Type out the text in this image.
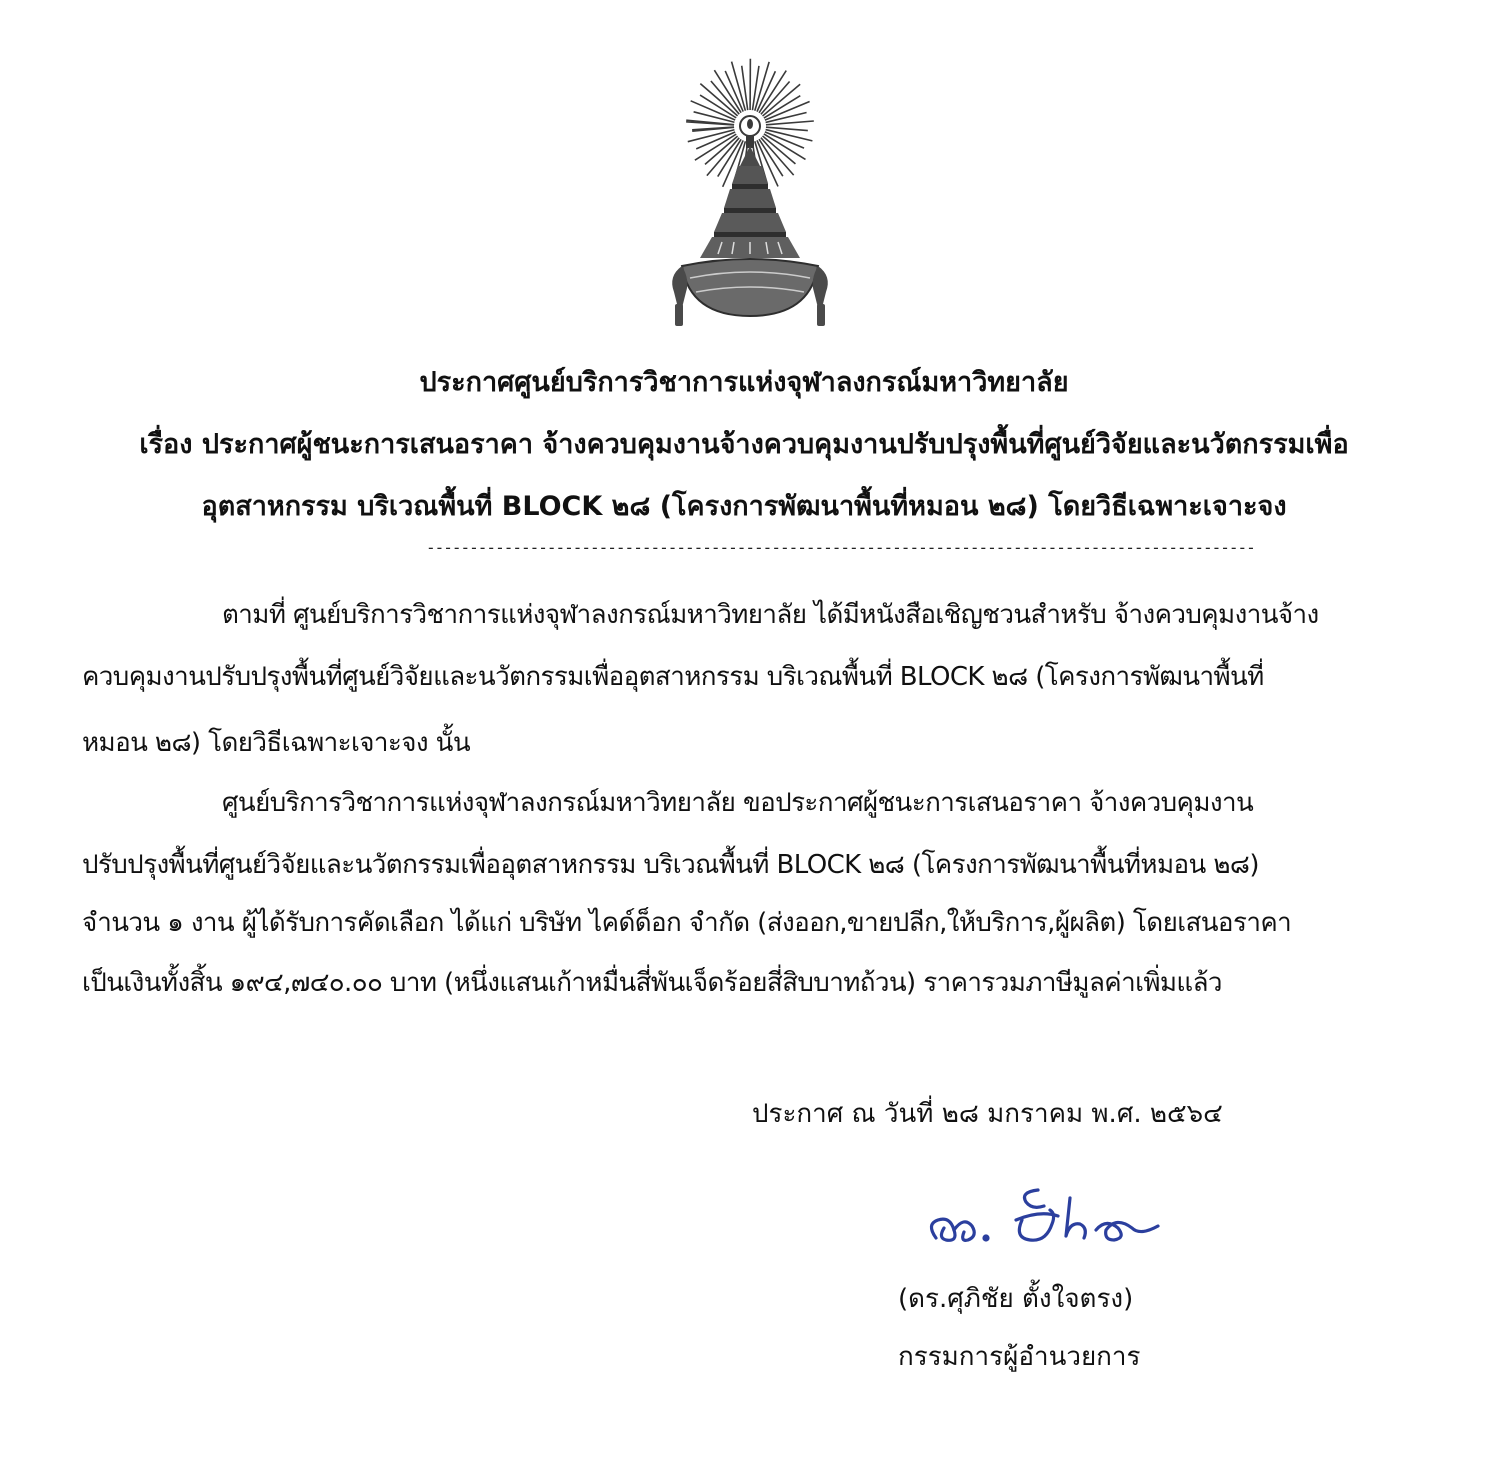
ประกาศศูนย์บริการวิชาการแห่งจุฬาลงกรณ์มหาวิทยาลัย
เรื่อง ประกาศผู้ชนะการเสนอราคา จ้างควบคุมงานจ้างควบคุมงานปรับปรุงพื้นที่ศูนย์วิจัยและนวัตกรรมเพื่อ
อุตสาหกรรม บริเวณพื้นที่ BLOCK ๒๘ (โครงการพัฒนาพื้นที่หมอน ๒๘) โดยวิธีเฉพาะเจาะจง
------------------------------------------------------------------------------------------------
ตามที่ ศูนย์บริการวิชาการแห่งจุฬาลงกรณ์มหาวิทยาลัย ได้มีหนังสือเชิญชวนสำหรับ จ้างควบคุมงานจ้าง
ควบคุมงานปรับปรุงพื้นที่ศูนย์วิจัยและนวัตกรรมเพื่ออุตสาหกรรม บริเวณพื้นที่ BLOCK ๒๘ (โครงการพัฒนาพื้นที่
หมอน ๒๘) โดยวิธีเฉพาะเจาะจง นั้น
ศูนย์บริการวิชาการแห่งจุฬาลงกรณ์มหาวิทยาลัย ขอประกาศผู้ชนะการเสนอราคา จ้างควบคุมงาน
ปรับปรุงพื้นที่ศูนย์วิจัยและนวัตกรรมเพื่ออุตสาหกรรม บริเวณพื้นที่ BLOCK ๒๘ (โครงการพัฒนาพื้นที่หมอน ๒๘)
จำนวน ๑ งาน ผู้ได้รับการคัดเลือก ได้แก่ บริษัท ไคด์ด็อก จำกัด (ส่งออก,ขายปลีก,ให้บริการ,ผู้ผลิต) โดยเสนอราคา
เป็นเงินทั้งสิ้น ๑๙๔,๗๔๐.๐๐ บาท (หนึ่งแสนเก้าหมื่นสี่พันเจ็ดร้อยสี่สิบบาทถ้วน) ราคารวมภาษีมูลค่าเพิ่มแล้ว
ประกาศ ณ วันที่ ๒๘ มกราคม พ.ศ. ๒๕๖๔
(ดร.ศุภิชัย ตั้งใจตรง)
กรรมการผู้อำนวยการ
